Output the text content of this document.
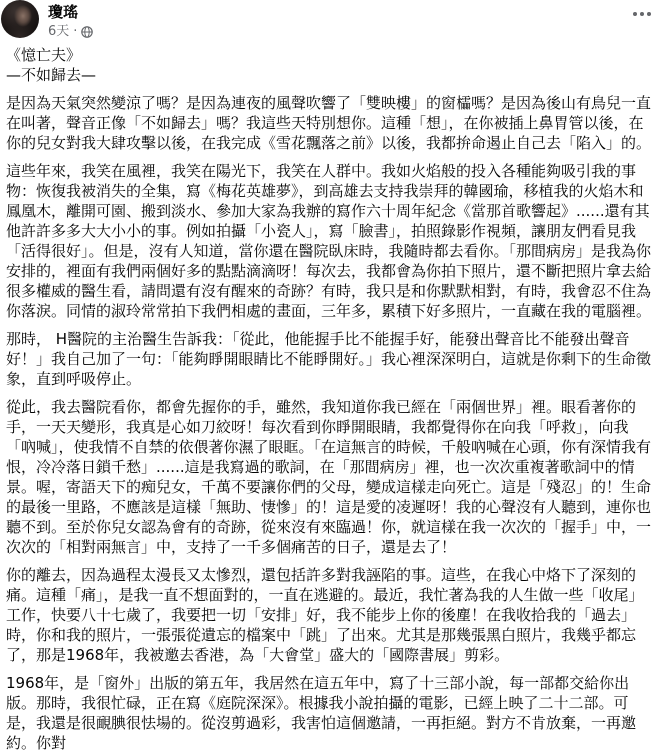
瓊瑤
6天 ·
《憶亡夫》
—不如歸去—
是因為天氣突然變涼了嗎？是因為連夜的風聲吹響了「雙映樓」的窗櫺嗎？是因為後山有鳥兒一直在叫著，聲音正像「不如歸去」嗎？我這些天特別想你。這種「想」，在你被插上鼻胃管以後，在你的兒女對我大肆攻擊以後，在我完成《雪花飄落之前》以後，我都拚命遏止自己去「陷入」的。
這些年來，我笑在風裡，我笑在陽光下，我笑在人群中。我如火焰般的投入各種能夠吸引我的事物：恢復我被消失的全集，寫《梅花英雄夢》，到高雄去支持我崇拜的韓國瑜，移植我的火焰木和鳳凰木，離開可園、搬到淡水、參加大家為我辦的寫作六十周年紀念《當那首歌響起》......還有其他許許多多大大小小的事。例如拍攝「小瓷人」，寫「臉書」，拍照錄影作視頻，讓朋友們看見我「活得很好」。但是，沒有人知道，當你還在醫院臥床時，我隨時都去看你。「那間病房」是我為你安排的，裡面有我們兩個好多的點點滴滴呀！每次去，我都會為你拍下照片，還不斷把照片拿去給很多權威的醫生看，請問還有沒有醒來的奇跡？有時，我只是和你默默相對，有時，我會忍不住為你落淚。同情的淑玲常常拍下我們相處的畫面，三年多，累積下好多照片，一直藏在我的電腦裡。
那時， H醫院的主治醫生告訴我：「從此，他能握手比不能握手好，能發出聲音比不能發出聲音好！」我自己加了一句：「能夠睜開眼睛比不能睜開好。」我心裡深深明白，這就是你剩下的生命徵象，直到呼吸停止。
從此，我去醫院看你，都會先握你的手，雖然，我知道你我已經在「兩個世界」裡。眼看著你的手，一天天變形，我真是心如刀絞呀！每次看到你睜開眼睛，我都覺得你在向我「呼救」，向我「吶喊」，使我情不自禁的依偎著你濕了眼眶。「在這無言的時候，千般吶喊在心頭，你有深情我有恨，冷冷落日鎖千愁」......這是我寫過的歌詞，在「那間病房」裡，也一次次重複著歌詞中的情景。喔，寄語天下的痴兒女，千萬不要讓你們的父母，變成這樣走向死亡。這是「殘忍」的！生命的最後一里路，不應該是這樣「無助、悽慘」的！這是愛的凌遲呀！我的心聲沒有人聽到，連你也聽不到。至於你兒女認為會有的奇跡，從來沒有來臨過！你，就這樣在我一次次的「握手」中，一次次的「相對兩無言」中，支持了一千多個痛苦的日子，還是去了！
你的離去，因為過程太漫長又太慘烈，還包括許多對我誣陷的事。這些，在我心中烙下了深刻的痛。這種「痛」，是我一直不想面對的，一直在逃避的。最近，我忙著為我的人生做一些「收尾」工作，快要八十七歲了，我要把一切「安排」好，我不能步上你的後塵！在我收拾我的「過去」時，你和我的照片，一張張從遺忘的檔案中「跳」了出來。尤其是那幾張黑白照片，我幾乎都忘了，那是1968年，我被邀去香港，為「大會堂」盛大的「國際書展」剪彩。
1968年，是「窗外」出版的第五年，我居然在這五年中，寫了十三部小說，每一部都交給你出版。那時，我很忙碌，正在寫《庭院深深》。根據我小說拍攝的電影，已經上映了二十二部。可是，我還是很靦腆很怯場的。從沒剪過彩，我害怕這個邀請，一再拒絕。對方不肯放棄，一再邀約。你對
